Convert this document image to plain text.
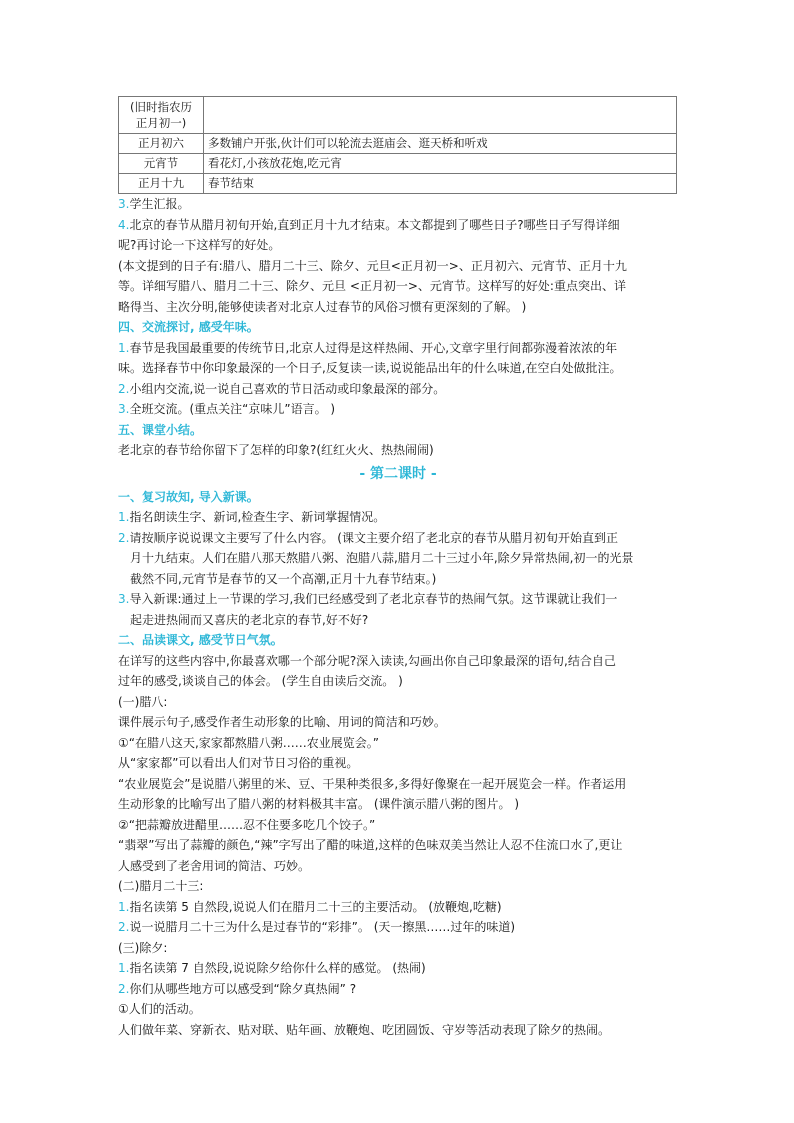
(旧时指农历
正月初一)	
正月初六	多数铺户开张,伙计们可以轮流去逛庙会、逛天桥和听戏
元宵节	看花灯,小孩放花炮,吃元宵
正月十九	春节结束

3.学生汇报。

4.北京的春节从腊月初旬开始,直到正月十九才结束。本文都提到了哪些日子?哪些日子写得详细

呢?再讨论一下这样写的好处。

(本文提到的日子有:腊八、腊月二十三、除夕、元旦<正月初一>、正月初六、元宵节、正月十九

等。详细写腊八、腊月二十三、除夕、元旦 <正月初一>、元宵节。这样写的好处:重点突出、详

略得当、主次分明,能够使读者对北京人过春节的风俗习惯有更深刻的了解。 )

四、交流探讨, 感受年味。

1.春节是我国最重要的传统节日,北京人过得是这样热闹、开心,文章字里行间都弥漫着浓浓的年

味。选择春节中你印象最深的一个日子,反复读一读,说说能品出年的什么味道,在空白处做批注。

2.小组内交流,说一说自己喜欢的节日活动或印象最深的部分。

3.全班交流。(重点关注“京味儿”语言。 )

五、课堂小结。

老北京的春节给你留下了怎样的印象?(红红火火、热热闹闹)

- 第二课时 -

一、复习故知, 导入新课。

1.指名朗读生字、新词,检查生字、新词掌握情况。

2.请按顺序说说课文主要写了什么内容。 (课文主要介绍了老北京的春节从腊月初旬开始直到正

月十九结束。人们在腊八那天熬腊八粥、泡腊八蒜,腊月二十三过小年,除夕异常热闹,初一的光景

截然不同,元宵节是春节的又一个高潮,正月十九春节结束。)

3.导入新课:通过上一节课的学习,我们已经感受到了老北京春节的热闹气氛。这节课就让我们一

起走进热闹而又喜庆的老北京的春节,好不好?

二、品读课文, 感受节日气氛。

在详写的这些内容中,你最喜欢哪一个部分呢?深入读读,勾画出你自己印象最深的语句,结合自己

过年的感受,谈谈自己的体会。 (学生自由读后交流。 )

(一)腊八:

课件展示句子,感受作者生动形象的比喻、用词的简洁和巧妙。

①“在腊八这天,家家都熬腊八粥……农业展览会。”

从“家家都”可以看出人们对节日习俗的重视。

“农业展览会”是说腊八粥里的米、豆、干果种类很多,多得好像聚在一起开展览会一样。作者运用

生动形象的比喻写出了腊八粥的材料极其丰富。 (课件演示腊八粥的图片。 )

②“把蒜瓣放进醋里……忍不住要多吃几个饺子。”

“翡翠”写出了蒜瓣的颜色,“辣”字写出了醋的味道,这样的色味双美当然让人忍不住流口水了,更让

人感受到了老舍用词的简洁、巧妙。

(二)腊月二十三:

1.指名读第 5 自然段,说说人们在腊月二十三的主要活动。 (放鞭炮,吃糖)

2.说一说腊月二十三为什么是过春节的“彩排”。 (天一擦黑……过年的味道)

(三)除夕:

1.指名读第 7 自然段,说说除夕给你什么样的感觉。 (热闹)

2.你们从哪些地方可以感受到“除夕真热闹” ?

①人们的活动。

人们做年菜、穿新衣、贴对联、贴年画、放鞭炮、吃团圆饭、守岁等活动表现了除夕的热闹。
